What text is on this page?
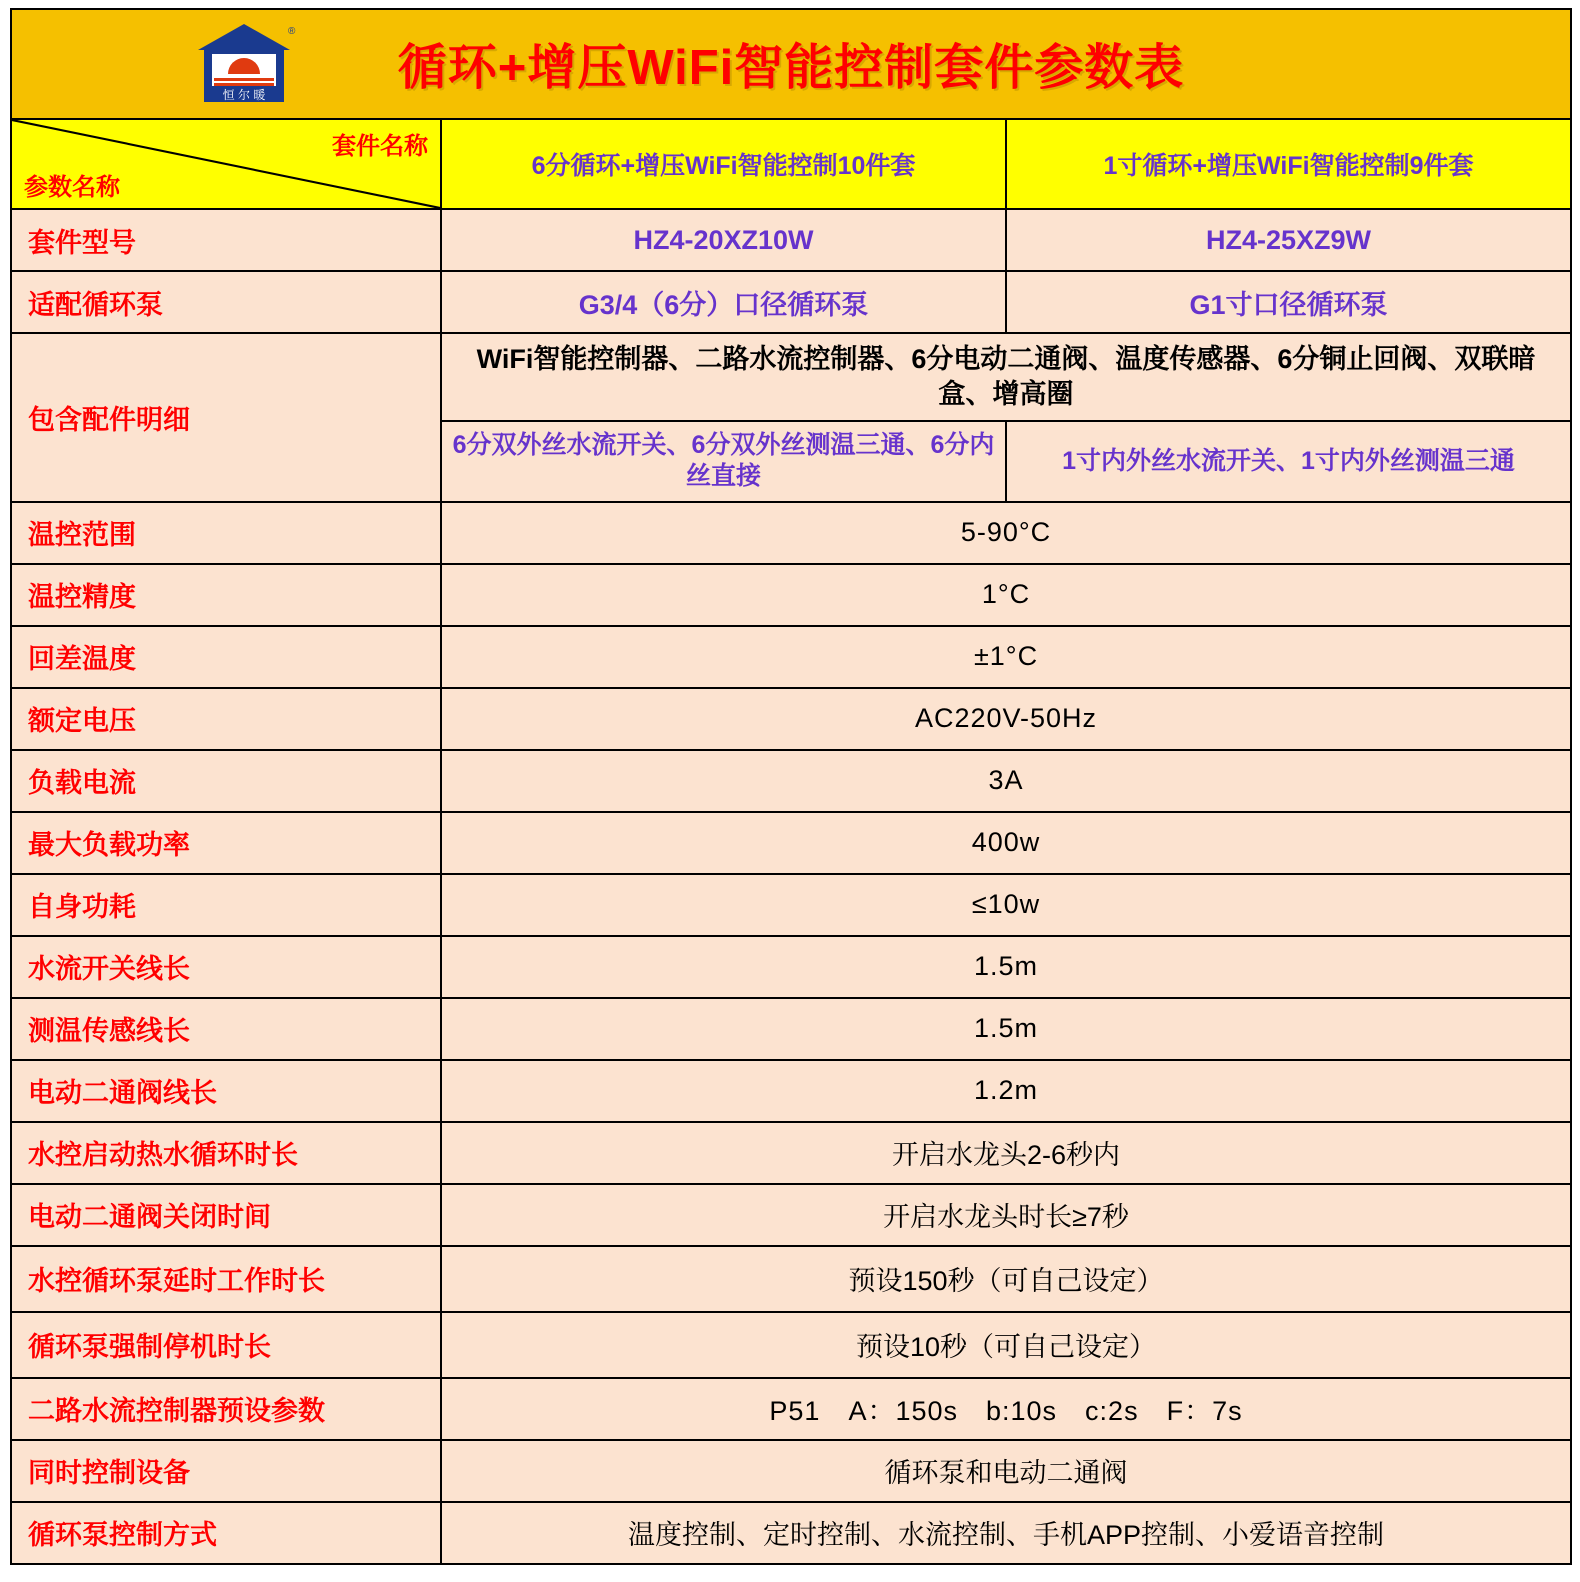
恒 尔 暖
®
循环+增压WiFi智能控制套件参数表		

套件名称
参数名称	6分循环+增压WiFi智能控制10件套	1寸循环+增压WiFi智能控制9件套
套件型号	HZ4-20XZ10W	HZ4-25XZ9W
适配循环泵	G3/4（6分）口径循环泵	G1寸口径循环泵
包含配件明细	WiFi智能控制器、二路水流控制器、6分电动二通阀、温度传感器、6分铜止回阀、双联暗盒、增高圈	
	6分双外丝水流开关、6分双外丝测温三通、6分内丝直接	1寸内外丝水流开关、1寸内外丝测温三通
温控范围	5-90°C	
温控精度	1°C	
回差温度	±1°C	
额定电压	AC220V-50Hz	
负载电流	3A	
最大负载功率	400w	
自身功耗	≤10w	
水流开关线长	1.5m	
测温传感线长	1.5m	
电动二通阀线长	1.2m	
水控启动热水循环时长	开启水龙头2-6秒内	
电动二通阀关闭时间	开启水龙头时长≥7秒	
水控循环泵延时工作时长	预设150秒（可自己设定）	
循环泵强制停机时长	预设10秒（可自己设定）	
二路水流控制器预设参数	P51　A：150s　b:10s　c:2s　F：7s	
同时控制设备	循环泵和电动二通阀	
循环泵控制方式	温度控制、定时控制、水流控制、手机APP控制、小爱语音控制	
